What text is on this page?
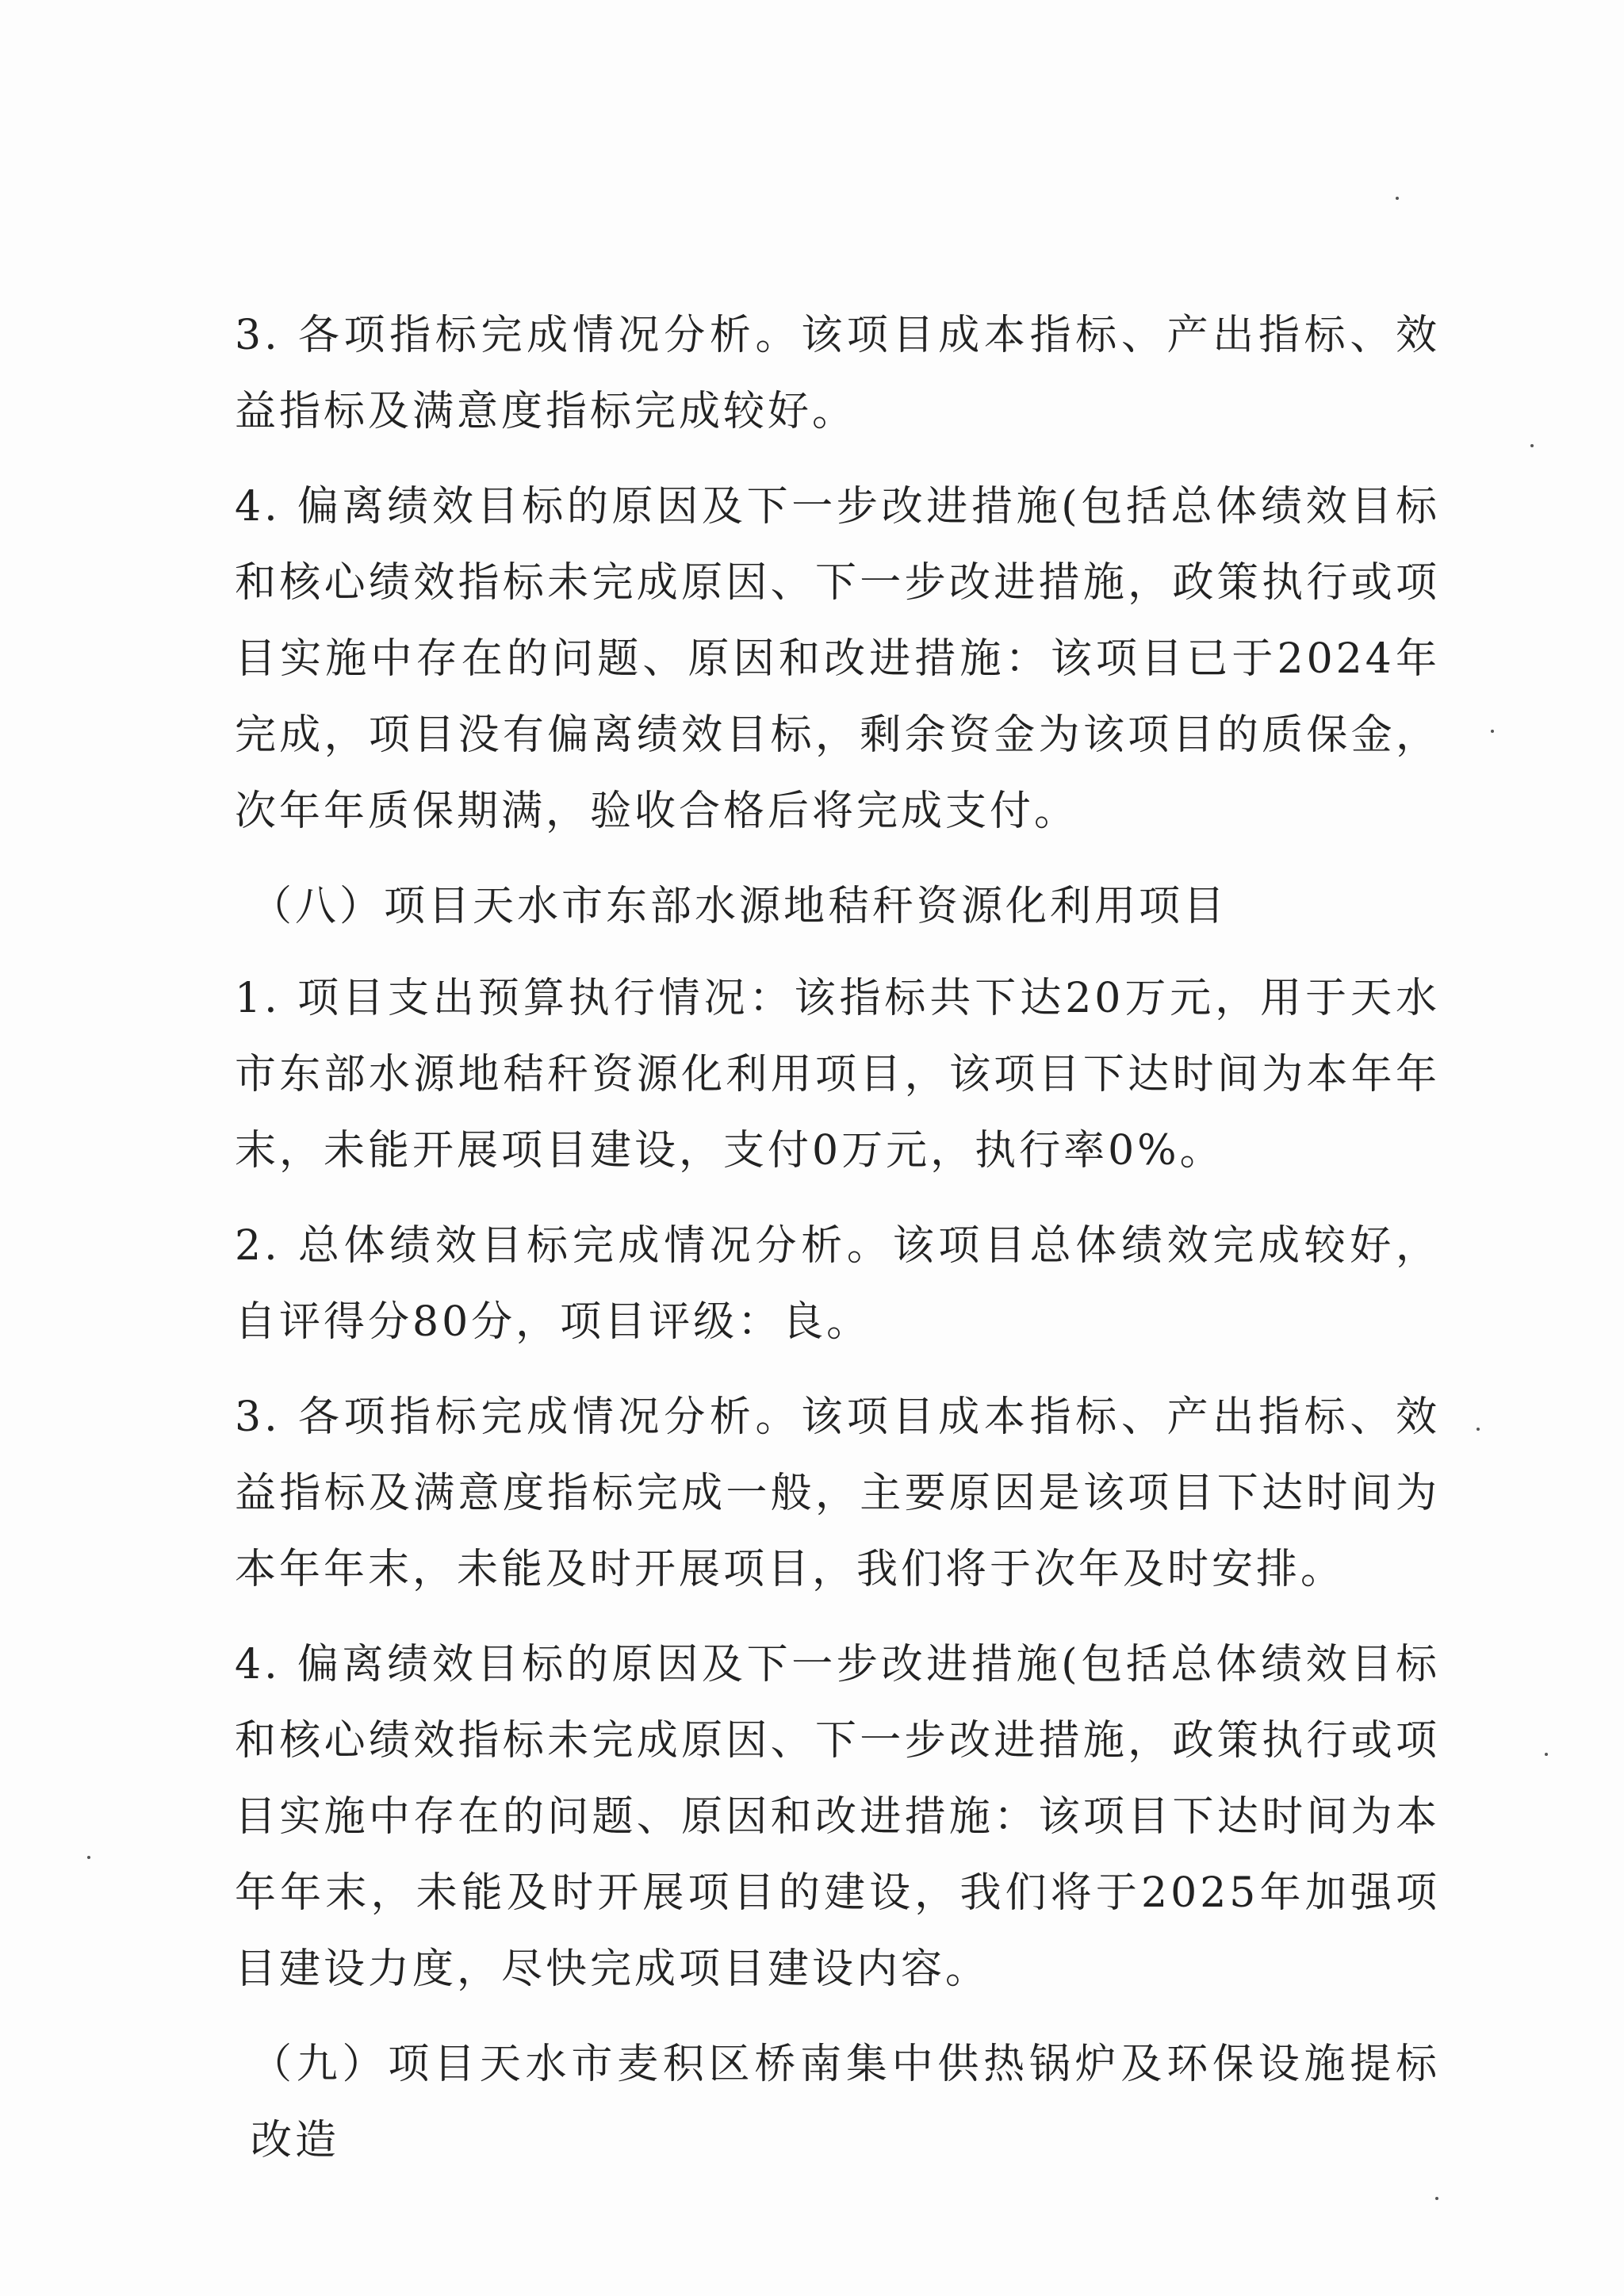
3. 各项指标完成情况分析。该项目成本指标、产出指标、效益指标及满意度指标完成较好。

4. 偏离绩效目标的原因及下一步改进措施(包括总体绩效目标和核心绩效指标未完成原因、下一步改进措施，政策执行或项目实施中存在的问题、原因和改进措施：该项目已于2024年完成，项目没有偏离绩效目标，剩余资金为该项目的质保金，次年年质保期满，验收合格后将完成支付。

（八）项目天水市东部水源地秸秆资源化利用项目

1. 项目支出预算执行情况：该指标共下达20万元，用于天水市东部水源地秸秆资源化利用项目，该项目下达时间为本年年末，未能开展项目建设，支付0万元，执行率0%。

2. 总体绩效目标完成情况分析。该项目总体绩效完成较好，自评得分80分，项目评级：良。

3. 各项指标完成情况分析。该项目成本指标、产出指标、效益指标及满意度指标完成一般，主要原因是该项目下达时间为本年年末，未能及时开展项目，我们将于次年及时安排。

4. 偏离绩效目标的原因及下一步改进措施(包括总体绩效目标和核心绩效指标未完成原因、下一步改进措施，政策执行或项目实施中存在的问题、原因和改进措施：该项目下达时间为本年年末，未能及时开展项目的建设，我们将于2025年加强项目建设力度，尽快完成项目建设内容。

（九）项目天水市麦积区桥南集中供热锅炉及环保设施提标改造
